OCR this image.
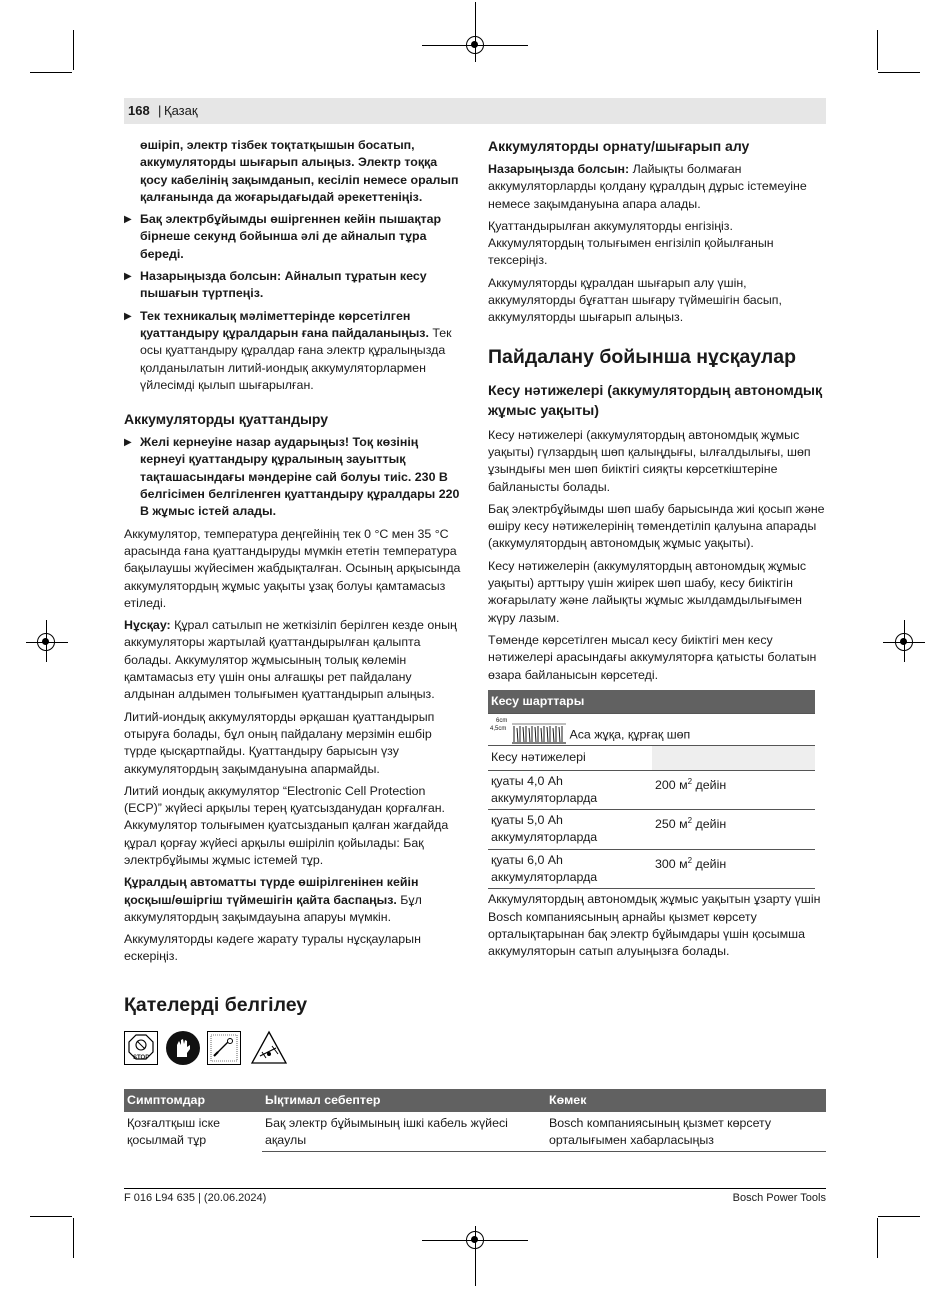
168 | Қазақ

өшіріп, электр тізбек тоқтатқышын босатып, аккумуляторды шығарып алыңыз. Электр тоққа қосу кабелінің зақымданып, кесіліп немесе оралып қалғанында да жоғарыдағыдай әрекеттеніңіз.

▶ Бақ электрбұйымды өшіргеннен кейін пышақтар бірнеше секунд бойынша әлі де айналып тұра береді.
▶ Назарыңызда болсын: Айналып тұратын кесу пышағын түртпеңіз.
▶ Тек техникалық мәліметтерінде көрсетілген қуаттандыру құралдарын ғана пайдаланыңыз. Тек осы қуаттандыру құралдар ғана электр құралыңызда қолданылатын литий-иондық аккумуляторлармен үйлесімді қылып шығарылған.
Аккумуляторды қуаттандыру
▶ Желі кернеуіне назар аударыңыз! Тоқ көзінің кернеуі қуаттандыру құралының зауыттық тақташасындағы мәндеріне сай болуы тиіс. 230 В белгісімен белгіленген қуаттандыру құралдары 220 В жұмыс істей алады.

Аккумулятор, температура деңгейінің тек 0 °C мен 35 °C арасында ғана қуаттандыруды мүмкін ететін температура бақылаушы жүйесімен жабдықталған. Осының арқысында аккумулятордың жұмыс уақыты ұзақ болуы қамтамасыз етіледі.

Нұсқау: Құрал сатылып не жеткізіліп берілген кезде оның аккумуляторы жартылай қуаттандырылған қалыпта болады. Аккумулятор жұмысының толық көлемін қамтамасыз ету үшін оны алғашқы рет пайдалану алдынан алдымен толығымен қуаттандырып алыңыз.

Литий-иондық аккумуляторды әрқашан қуаттандырып отыруға болады, бұл оның пайдалану мерзімін ешбір түрде қысқартпайды. Қуаттандыру барысын үзу аккумулятордың зақымдануына апармайды.

Литий иондық аккумулятор “Electronic Cell Protection (ECP)” жүйесі арқылы терең қуатсызданудан қорғалған. Аккумулятор толығымен қуатсызданып қалған жағдайда құрал қорғау жүйесі арқылы өшіріліп қойылады: Бақ электрбұйымы жұмыс істемей тұр.

Құралдың автоматты түрде өшірілгенінен кейін қосқыш/өшіргіш түймешігін қайта баспаңыз. Бұл аккумулятордың зақымдауына апаруы мүмкін.

Аккумуляторды кәдеге жарату туралы нұсқауларын ескеріңіз.

Аккумуляторды орнату/шығарып алу

Назарыңызда болсын: Лайықты болмаған аккумуляторларды қолдану құралдың дұрыс істемеуіне немесе зақымдануына апара алады.

Қуаттандырылған аккумуляторды енгізіңіз. Аккумулятордың толығымен енгізіліп қойылғанын тексеріңіз.

Аккумуляторды құралдан шығарып алу үшін, аккумуляторды бұғаттан шығару түймешігін басып, аккумуляторды шығарып алыңыз.

Пайдалану бойынша нұсқаулар
Кесу нәтижелері (аккумулятордың автономдық жұмыс уақыты)

Кесу нәтижелері (аккумулятордың автономдық жұмыс уақыты) гүлзардың шөп қалыңдығы, ылғалдылығы, шөп ұзындығы мен шөп биіктігі сияқты көрсеткіштеріне байланысты болады.

Бақ электрбұйымды шөп шабу барысында жиі қосып және өшіру кесу нәтижелерінің төмендетіліп қалуына апарады (аккумулятордың автономдық жұмыс уақыты).

Кесу нәтижелерін (аккумулятордың автономдық жұмыс уақыты) арттыру үшін жиірек шөп шабу, кесу биіктігін жоғарылату және лайықты жұмыс жылдамдылығымен жүру лазым.

Төменде көрсетілген мысал кесу биіктігі мен кесу нәтижелері арасындағы аккумуляторға қатысты болатын өзара байланысын көрсетеді.

Кесу шарттары	

6cm
4,5cm Аса жұқа, құрғақ шөп	
Кесу нәтижелері	
қуаты 4,0 Ah аккумуляторларда	200 $м^2$ дейін
қуаты 5,0 Ah аккумуляторларда	250 $м^2$ дейін
қуаты 6,0 Ah аккумуляторларда	300 $м^2$ дейін

Аккумулятордың автономдық жұмыс уақытын ұзарту үшін Bosch компаниясының арнайы қызмет көрсету орталықтарынан бақ электр бұйымдары үшін қосымша аккумуляторын сатып алуыңызға болады.

Қателерді белгілеу
STOP
Симптомдар	Ықтимал себептер	Көмек
Қозғалтқыш іске қосылмай тұр	Бақ электр бұйымының ішкі кабель жүйесі ақаулы	Bosch компаниясының қызмет көрсету орталығымен хабарласыңыз
F 016 L94 635 | (20.06.2024)	Bosch Power Tools
